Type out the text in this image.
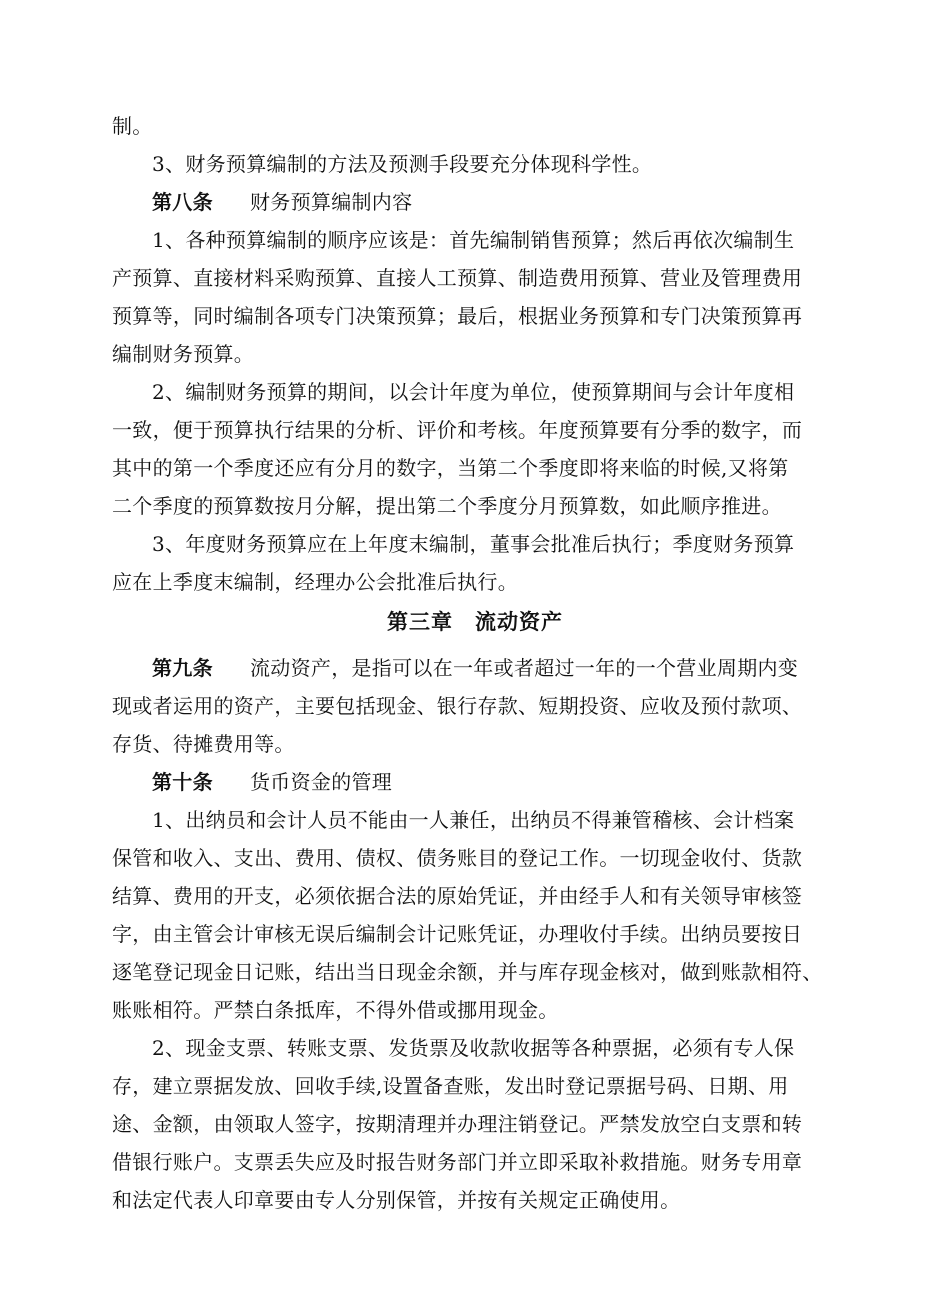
制。
3、财务预算编制的方法及预测手段要充分体现科学性。
第八条 财务预算编制内容
1、各种预算编制的顺序应该是：首先编制销售预算；然后再依次编制生
产预算、直接材料采购预算、直接人工预算、制造费用预算、营业及管理费用
预算等，同时编制各项专门决策预算；最后，根据业务预算和专门决策预算再
编制财务预算。
2、编制财务预算的期间，以会计年度为单位，使预算期间与会计年度相
一致，便于预算执行结果的分析、评价和考核。年度预算要有分季的数字，而
其中的第一个季度还应有分月的数字，当第二个季度即将来临的时候,又将第
二个季度的预算数按月分解，提出第二个季度分月预算数，如此顺序推进。
3、年度财务预算应在上年度末编制，董事会批准后执行；季度财务预算
应在上季度末编制，经理办公会批准后执行。
第三章　流动资产
第九条 流动资产，是指可以在一年或者超过一年的一个营业周期内变
现或者运用的资产，主要包括现金、银行存款、短期投资、应收及预付款项、
存货、待摊费用等。
第十条 货币资金的管理
1、出纳员和会计人员不能由一人兼任，出纳员不得兼管稽核、会计档案
保管和收入、支出、费用、债权、债务账目的登记工作。一切现金收付、货款
结算、费用的开支，必须依据合法的原始凭证，并由经手人和有关领导审核签
字，由主管会计审核无误后编制会计记账凭证，办理收付手续。出纳员要按日
逐笔登记现金日记账，结出当日现金余额，并与库存现金核对，做到账款相符、
账账相符。严禁白条抵库，不得外借或挪用现金。
2、现金支票、转账支票、发货票及收款收据等各种票据，必须有专人保
存，建立票据发放、回收手续,设置备查账，发出时登记票据号码、日期、用
途、金额，由领取人签字，按期清理并办理注销登记。严禁发放空白支票和转
借银行账户。支票丢失应及时报告财务部门并立即采取补救措施。财务专用章
和法定代表人印章要由专人分别保管，并按有关规定正确使用。
